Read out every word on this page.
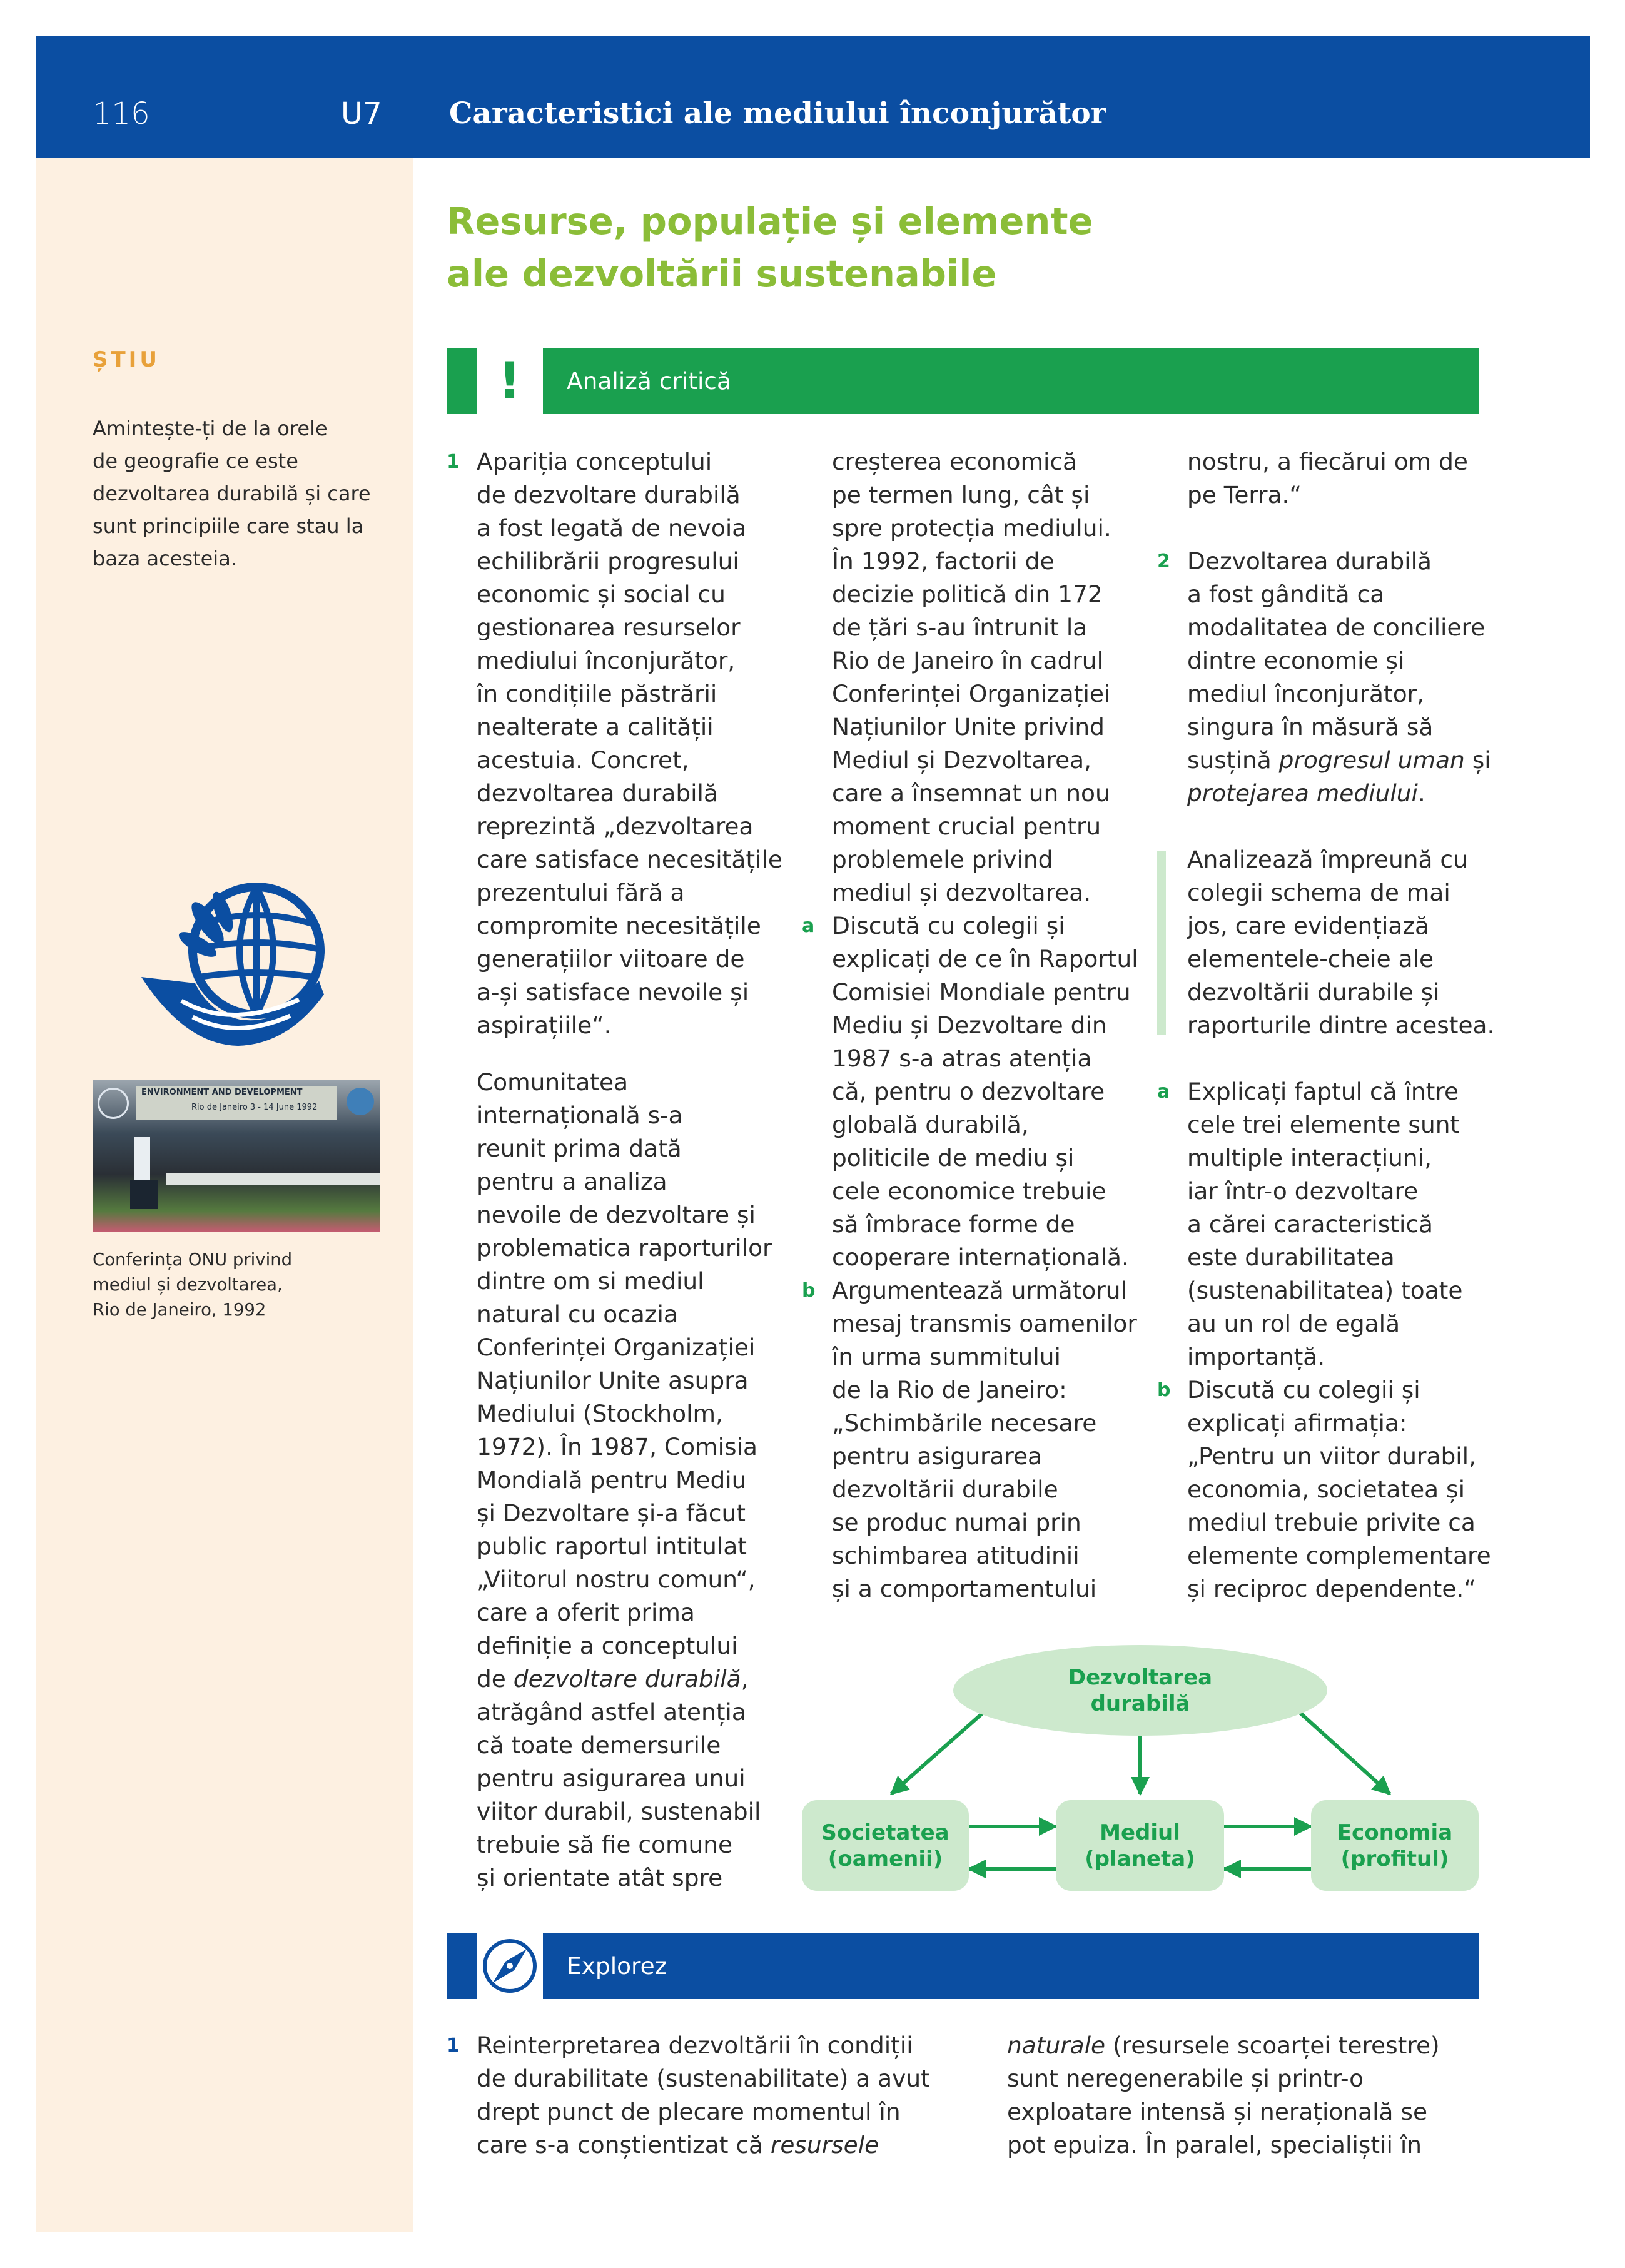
116	U7 Caracteristici ale mediului înconjurător
Resurse, populație și elemente
ale dezvoltării sustenabile
ȘTIU
Amintește-ți de la orele
de geografie ce este
dezvoltarea durabilă și care
sunt principiile care stau la
baza acesteia.
ENVIRONMENT AND DEVELOPMENT
Rio de Janeiro 3 - 14 June 1992
Conferința ONU privind
mediul și dezvoltarea,
Rio de Janeiro, 1992
!	Analiză critică
1 Apariția conceptului
de dezvoltare durabilă
a fost legată de nevoia
echilibrării progresului
economic și social cu
gestionarea resurselor
mediului înconjurător,
în condițiile păstrării
nealterate a calității
acestuia. Concret,
dezvoltarea durabilă
reprezintă „dezvoltarea
care satisface necesitățile
prezentului fără a
compromite necesitățile
generațiilor viitoare de
a-și satisface nevoile și
aspirațiile“.
Comunitatea
internațională s-a
reunit prima dată
pentru a analiza
nevoile de dezvoltare și
problematica raporturilor
dintre om si mediul
natural cu ocazia
Conferinței Organizației
Națiunilor Unite asupra
Mediului (Stockholm,
1972). În 1987, Comisia
Mondială pentru Mediu
și Dezvoltare și-a făcut
public raportul intitulat
„Viitorul nostru comun“,
care a oferit prima
definiție a conceptului
de dezvoltare durabilă,
atrăgând astfel atenția
că toate demersurile
pentru asigurarea unui
viitor durabil, sustenabil
trebuie să fie comune
și orientate atât spre
creșterea economică
pe termen lung, cât și
spre protecția mediului.
În 1992, factorii de
decizie politică din 172
de țări s-au întrunit la
Rio de Janeiro în cadrul
Conferinței Organizației
Națiunilor Unite privind
Mediul și Dezvoltarea,
care a însemnat un nou
moment crucial pentru
problemele privind
mediul și dezvoltarea.
a Discută cu colegii și
explicați de ce în Raportul
Comisiei Mondiale pentru
Mediu și Dezvoltare din
1987 s-a atras atenția
că, pentru o dezvoltare
globală durabilă,
politicile de mediu și
cele economice trebuie
să îmbrace forme de
cooperare internațională.
b Argumentează următorul
mesaj transmis oamenilor
în urma summitului
de la Rio de Janeiro:
„Schimbările necesare
pentru asigurarea
dezvoltării durabile
se produc numai prin
schimbarea atitudinii
și a comportamentului
nostru, a fiecărui om de
pe Terra.“
2 Dezvoltarea durabilă
a fost gândită ca
modalitatea de conciliere
dintre economie și
mediul înconjurător,
singura în măsură să
susțină progresul uman și
protejarea mediului.
Analizează împreună cu
colegii schema de mai
jos, care evidențiază
elementele-cheie ale
dezvoltării durabile și
raporturile dintre acestea.
a Explicați faptul că între
cele trei elemente sunt
multiple interacțiuni,
iar într-o dezvoltare
a cărei caracteristică
este durabilitatea
(sustenabilitatea) toate
au un rol de egală
importanță.
b Discută cu colegii și
explicați afirmația:
„Pentru un viitor durabil,
economia, societatea și
mediul trebuie privite ca
elemente complementare
și reciproc dependente.“
Dezvoltarea
durabilă
Societatea
(oamenii)
Mediul
(planeta)
Economia
(profitul)
Explorez
1 Reinterpretarea dezvoltării în condiții
de durabilitate (sustenabilitate) a avut
drept punct de plecare momentul în
care s-a conștientizat că resursele
naturale (resursele scoarței terestre)
sunt neregenerabile și printr-o
exploatare intensă și nerațională se
pot epuiza. În paralel, specialiștii în
